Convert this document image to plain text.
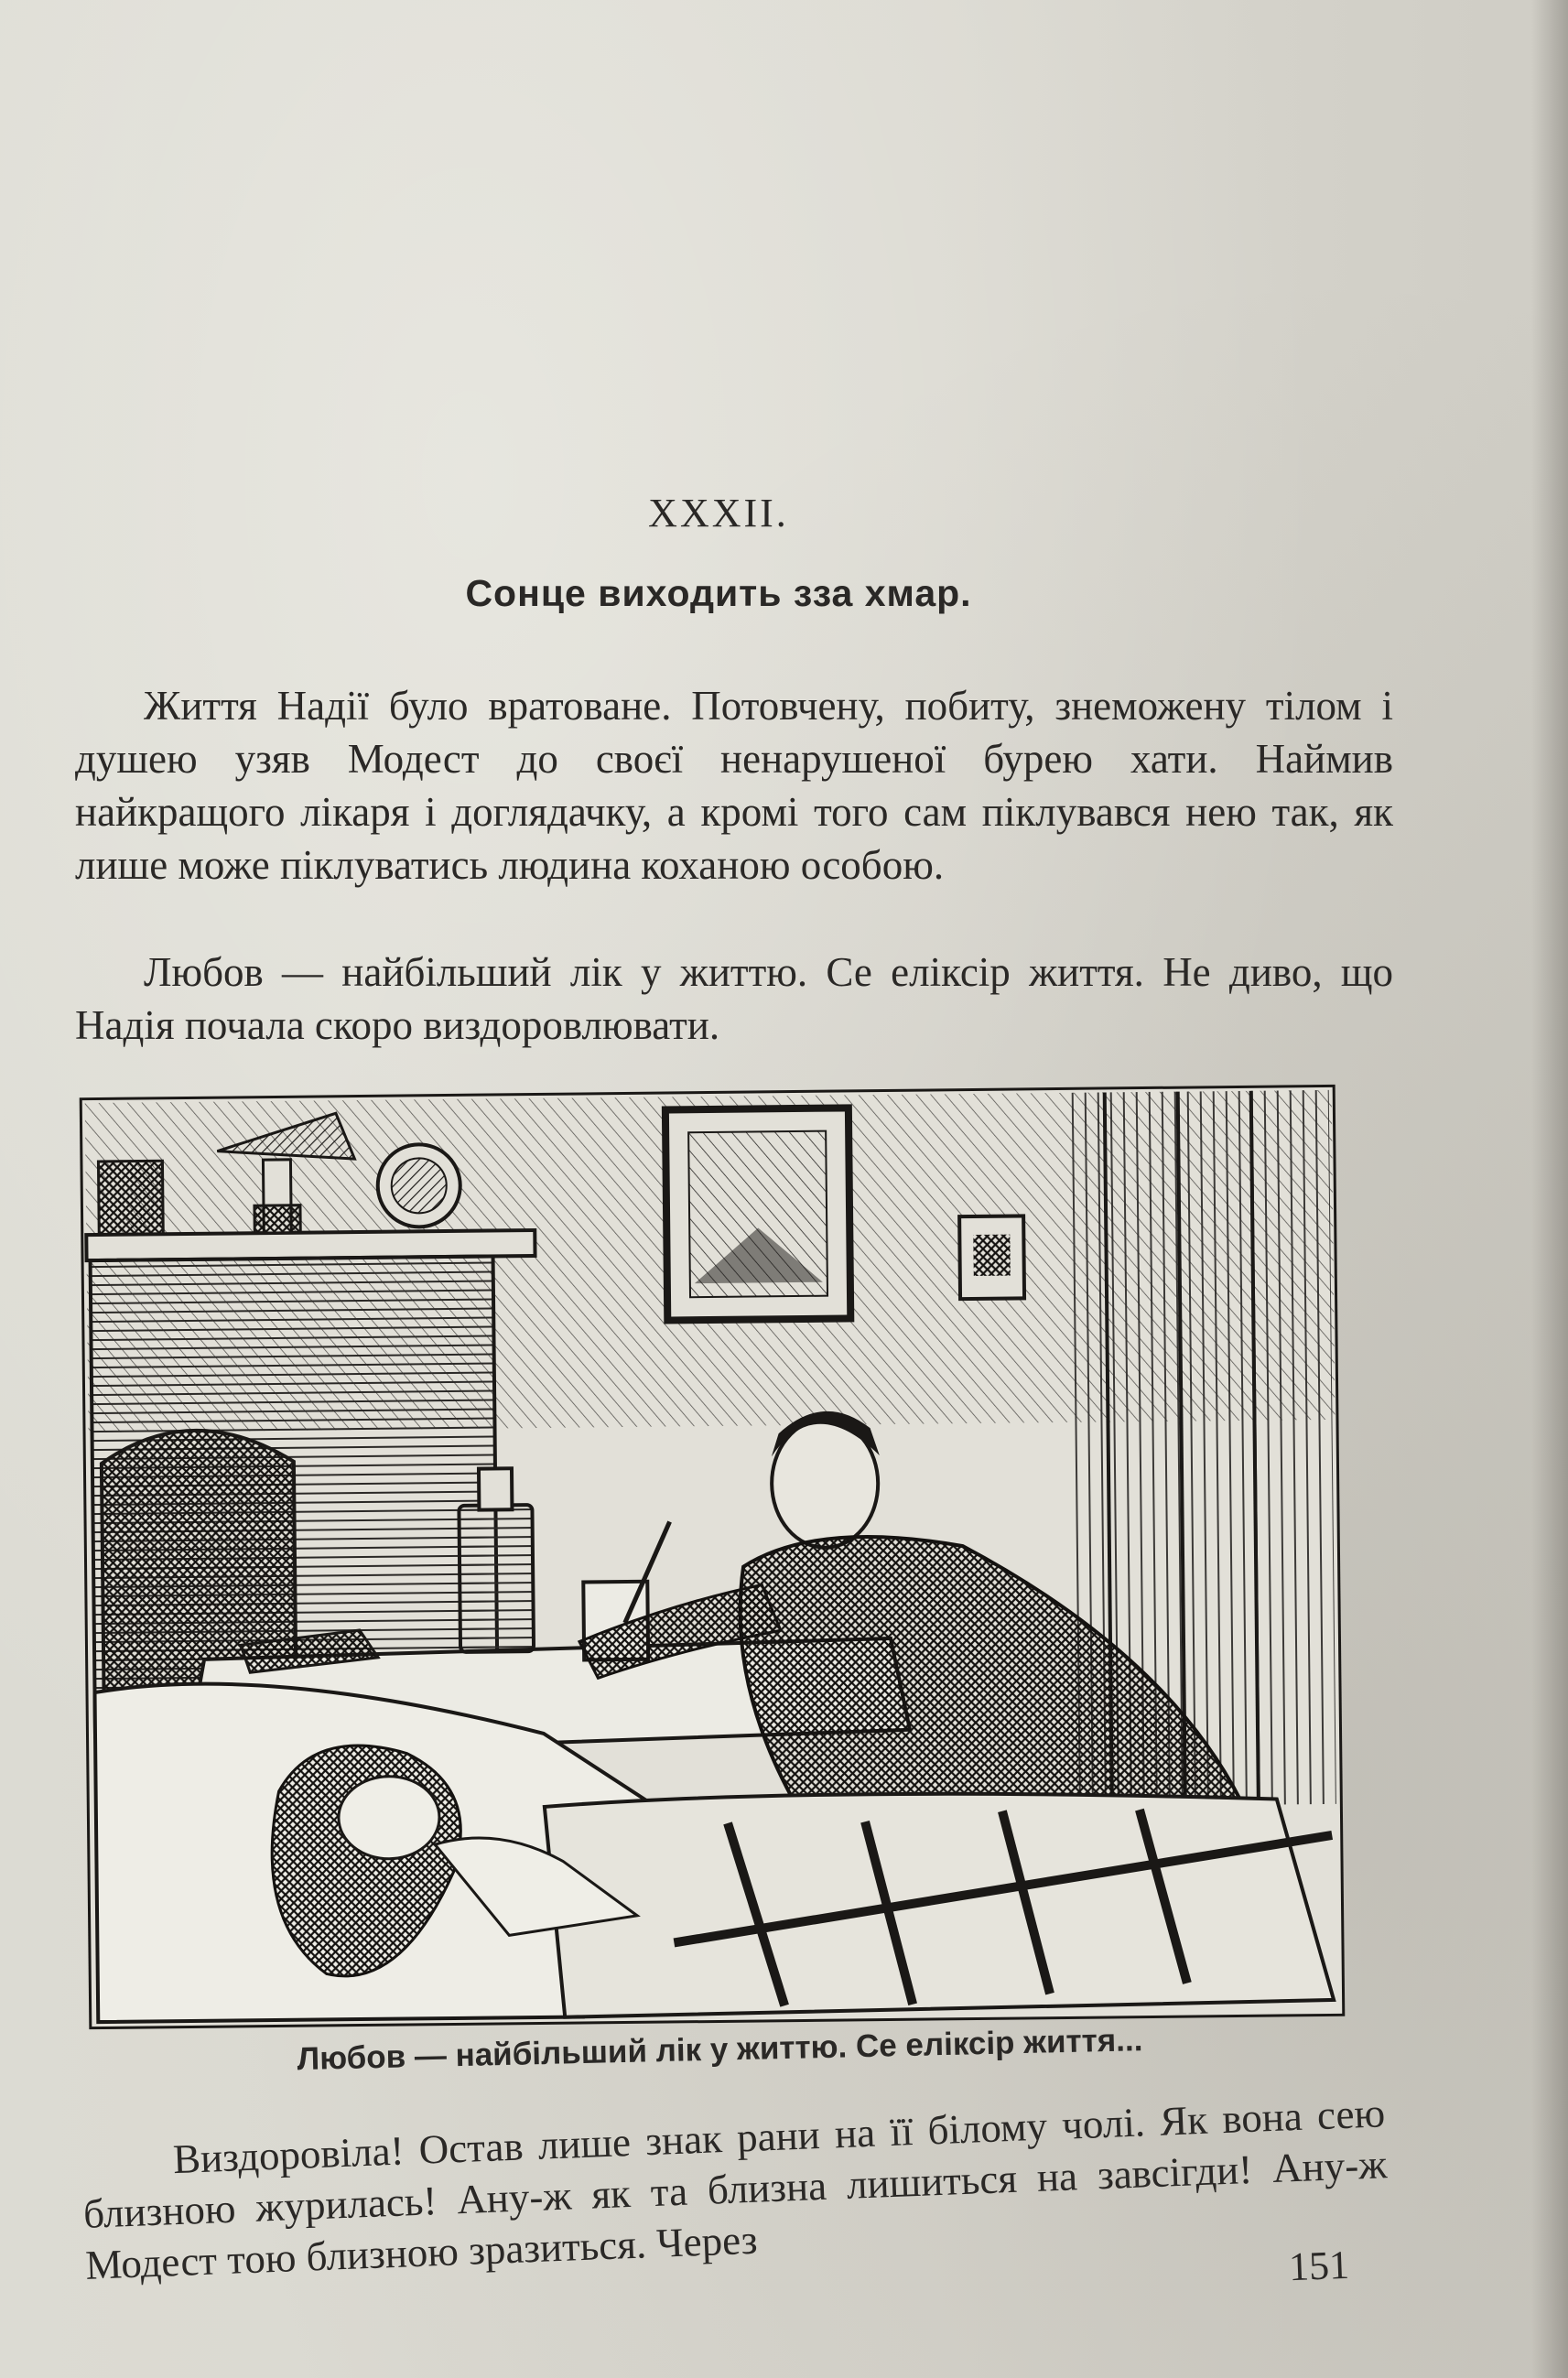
XXXII.
Сонце виходить зза хмар.

Життя Надії було вратоване. Потовчену, побиту, знеможену тілом і душею узяв Модест до своєї ненарушеної бурею хати. Наймив найкращого лікаря і доглядачку, а кромі того сам піклувався нею так, як лише може піклуватись людина коханою особою.

Любов — найбільший лік у життю. Се еліксір життя. Не диво, що Надія почала скоро виздоровлювати.

Любов — найбільший лік у життю. Се еліксір життя...

Виздоровіла! Остав лише знак рани на її білому чолі. Як вона сею близною журилась! Ану-ж як та близна лишиться на завсігди! Ану-ж Модест тою близною зразиться. Через	151
